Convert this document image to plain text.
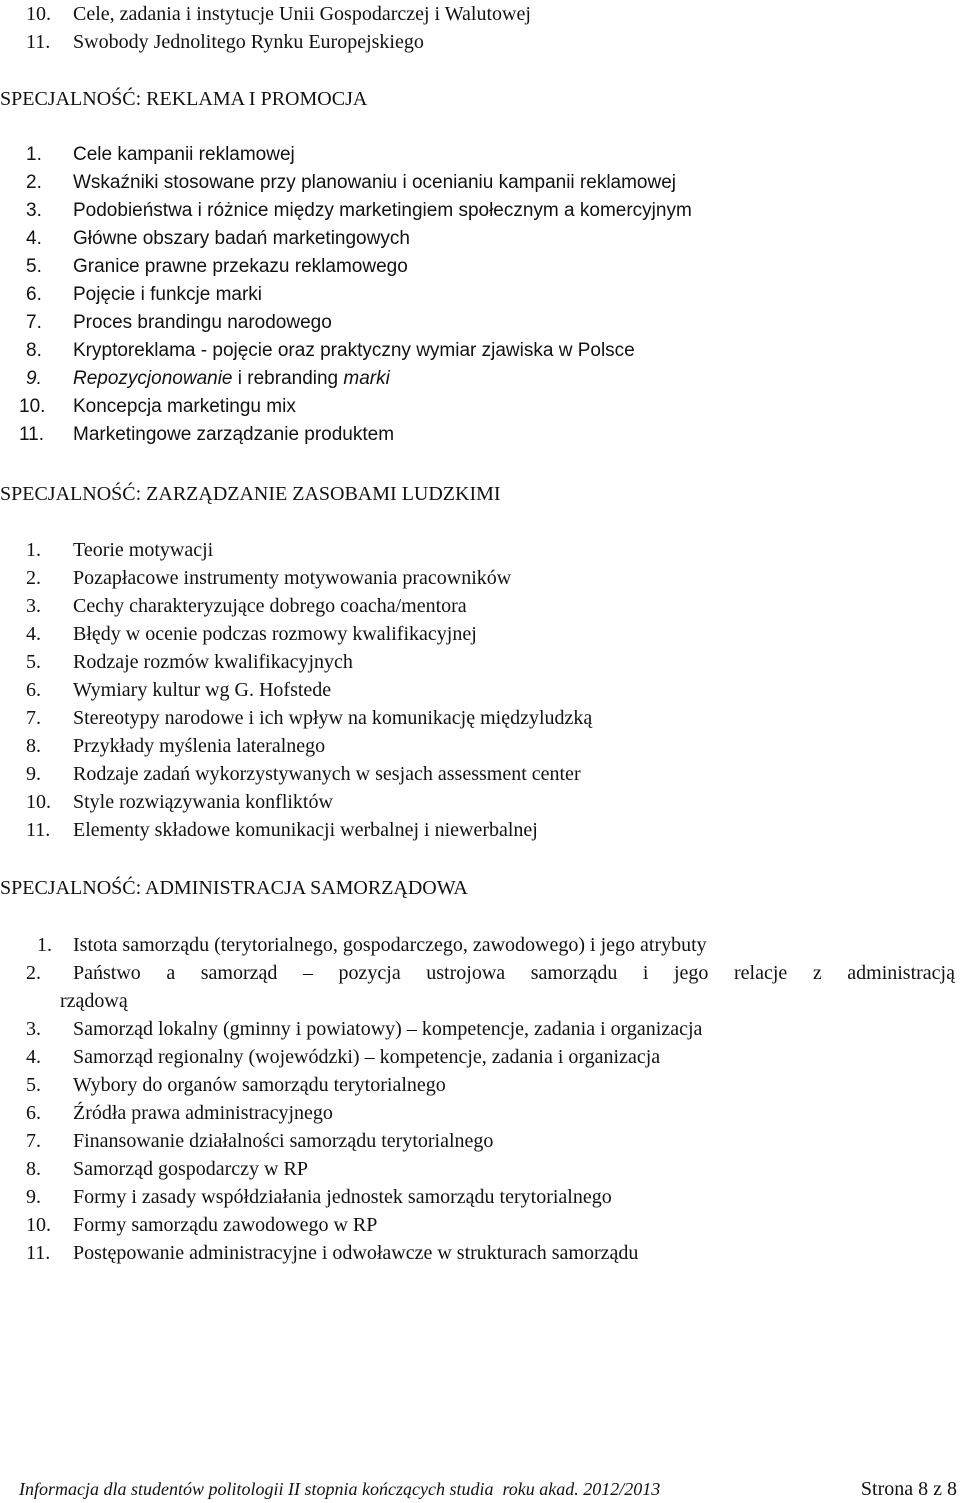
10.	Cele, zadania i instytucje Unii Gospodarczej i Walutowej
11.	Swobody Jednolitego Rynku Europejskiego
SPECJALNOŚĆ: REKLAMA I PROMOCJA
1.	Cele kampanii reklamowej
2.	Wskaźniki stosowane przy planowaniu i ocenianiu kampanii reklamowej
3.	Podobieństwa i różnice między marketingiem społecznym a komercyjnym
4.	Główne obszary badań marketingowych
5.	Granice prawne przekazu reklamowego
6.	Pojęcie i funkcje marki
7.	Proces brandingu narodowego
8.	Kryptoreklama - pojęcie oraz praktyczny wymiar zjawiska w Polsce
9.	Repozycjonowanie i rebranding marki
10.	Koncepcja marketingu mix
11.	Marketingowe zarządzanie produktem
SPECJALNOŚĆ: ZARZĄDZANIE ZASOBAMI LUDZKIMI
1.	Teorie motywacji
2.	Pozapłacowe instrumenty motywowania pracowników
3.	Cechy charakteryzujące dobrego coacha/mentora
4.	Błędy w ocenie podczas rozmowy kwalifikacyjnej
5.	Rodzaje rozmów kwalifikacyjnych
6.	Wymiary kultur wg G. Hofstede
7.	Stereotypy narodowe i ich wpływ na komunikację międzyludzką
8.	Przykłady myślenia lateralnego
9.	Rodzaje zadań wykorzystywanych w sesjach assessment center
10.	Style rozwiązywania konfliktów
11.	Elementy składowe komunikacji werbalnej i niewerbalnej
SPECJALNOŚĆ: ADMINISTRACJA SAMORZĄDOWA
1.	Istota samorządu (terytorialnego, gospodarczego, zawodowego) i jego atrybuty
2.	Państwo a samorząd – pozycja ustrojowa samorządu i jego relacje z administracją
rządową
3.	Samorząd lokalny (gminny i powiatowy) – kompetencje, zadania i organizacja
4.	Samorząd regionalny (wojewódzki) – kompetencje, zadania i organizacja
5.	Wybory do organów samorządu terytorialnego
6.	Źródła prawa administracyjnego
7.	Finansowanie działalności samorządu terytorialnego
8.	Samorząd gospodarczy w RP
9.	Formy i zasady współdziałania jednostek samorządu terytorialnego
10.	Formy samorządu zawodowego w RP
11.	Postępowanie administracyjne i odwoławcze w strukturach samorządu
Informacja dla studentów politologii II stopnia kończących studia  roku akad. 2012/2013	Strona 8 z 8
